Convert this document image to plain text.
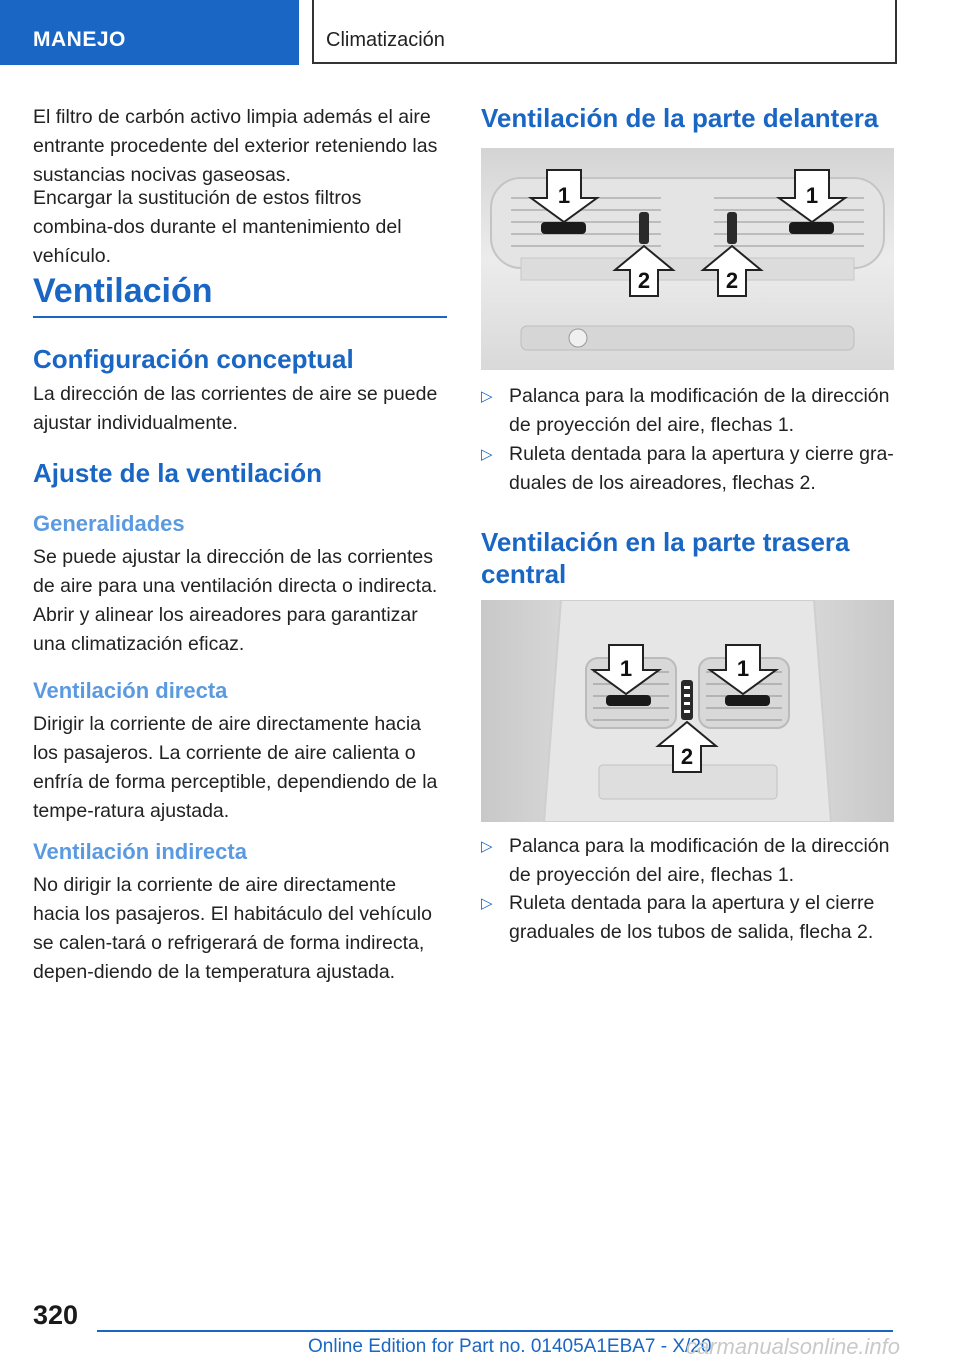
MANEJO	Climatización

El filtro de carbón activo limpia además el aire entrante procedente del exterior reteniendo las sustancias nocivas gaseosas.

Encargar la sustitución de estos filtros combina-dos durante el mantenimiento del vehículo.

Ventilación
Configuración conceptual

La dirección de las corrientes de aire se puede ajustar individualmente.

Ajuste de la ventilación
Generalidades

Se puede ajustar la dirección de las corrientes de aire para una ventilación directa o indirecta.

Abrir y alinear los aireadores para garantizar una climatización eficaz.

Ventilación directa

Dirigir la corriente de aire directamente hacia los pasajeros. La corriente de aire calienta o enfría de forma perceptible, dependiendo de la tempe-ratura ajustada.

Ventilación indirecta

No dirigir la corriente de aire directamente hacia los pasajeros. El habitáculo del vehículo se calen-tará o refrigerará de forma indirecta, depen-diendo de la temperatura ajustada.

Ventilación de la parte delantera
1	1
2	2
▷ Palanca para la modificación de la dirección de proyección del aire, flechas 1.
▷ Ruleta dentada para la apertura y cierre gra-duales de los aireadores, flechas 2.
Ventilación en la parte trasera central
1	1
2
▷ Palanca para la modificación de la dirección de proyección del aire, flechas 1.
▷ Ruleta dentada para la apertura y el cierre graduales de los tubos de salida, flecha 2.
320
Online Edition for Part no. 01405A1EBA7 - X/20
carmanualsonline.info
